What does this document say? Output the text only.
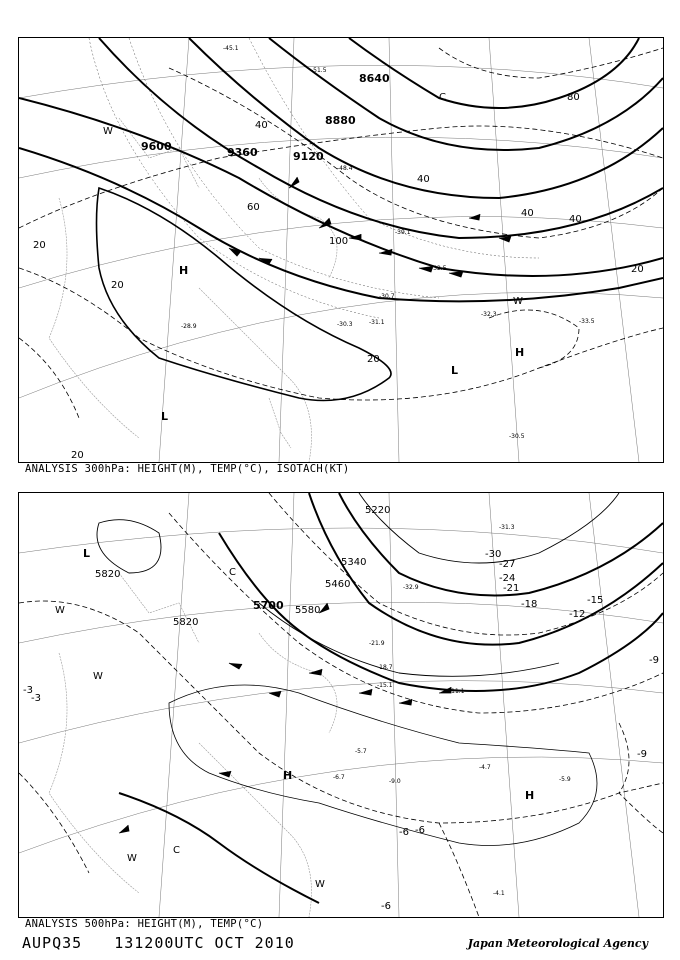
9600	9360	9120
8880
8640
20
20
20
20
20
40
40
40
40
60
80
100
H
L
L
H
W
W
C
-45.1
-51.5
-48.4
-39.1
-31.1
-30.5
-28.9
-32.3
-33.5
-30.3
-30.7
-32.5
ANALYSIS 300hPa: HEIGHT(M), TEMP(°C), ISOTACH(KT)
5820
5820
5700 5580
5460
5340
5220
-3
-6
-9
-12
-15
-18
-21
-24
-27
-30
-6
-6
-9
-3
L
H
H
C
C
W
W
W
W
-4.1
-5.9
-4.7
-5.7
-6.7
-9.0
-21.9
-32.9
-31.3
-18.7
-15.1
-11.1
ANALYSIS 500hPa: HEIGHT(M), TEMP(°C)
AUPQ35 131200UTC OCT 2010	Japan Meteorological Agency
